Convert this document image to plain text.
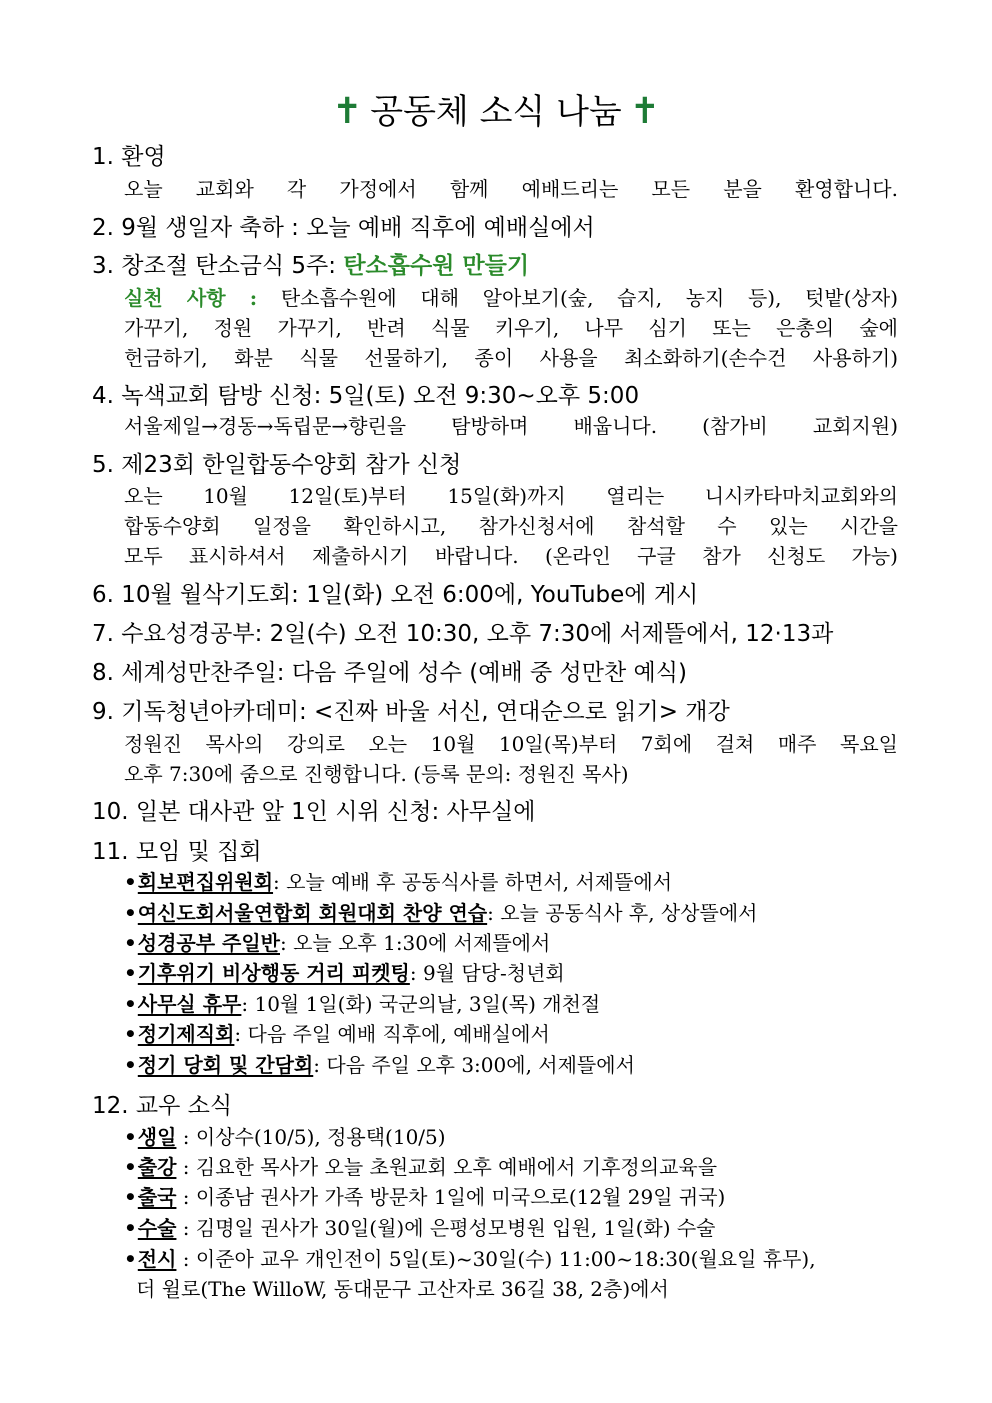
✝ 공동체 소식 나눔 ✝
1. 환영
오늘 교회와 각 가정에서 함께 예배드리는 모든 분을 환영합니다.
2. 9월 생일자 축하 : 오늘 예배 직후에 예배실에서
3. 창조절 탄소금식 5주: 탄소흡수원 만들기
실천 사항 : 탄소흡수원에 대해 알아보기(숲, 습지, 농지 등), 텃밭(상자)
가꾸기, 정원 가꾸기, 반려 식물 키우기, 나무 심기 또는 은총의 숲에
헌금하기, 화분 식물 선물하기, 종이 사용을 최소화하기(손수건 사용하기)
4. 녹색교회 탐방 신청: 5일(토) 오전 9:30~오후 5:00
서울제일→경동→독립문→향린을 탐방하며 배웁니다. (참가비 교회지원)
5. 제23회 한일합동수양회 참가 신청
오는 10월 12일(토)부터 15일(화)까지 열리는 니시카타마치교회와의
합동수양회 일정을 확인하시고, 참가신청서에 참석할 수 있는 시간을
모두 표시하셔서 제출하시기 바랍니다. (온라인 구글 참가 신청도 가능)
6. 10월 월삭기도회: 1일(화) 오전 6:00에, YouTube에 게시
7. 수요성경공부: 2일(수) 오전 10:30, 오후 7:30에 서제뜰에서, 12·13과
8. 세계성만찬주일: 다음 주일에 성수 (예배 중 성만찬 예식)
9. 기독청년아카데미: <진짜 바울 서신, 연대순으로 읽기> 개강
정원진 목사의 강의로 오는 10월 10일(목)부터 7회에 걸쳐 매주 목요일
오후 7:30에 줌으로 진행합니다. (등록 문의: 정원진 목사)
10. 일본 대사관 앞 1인 시위 신청: 사무실에
11. 모임 및 집회
•회보편집위원회: 오늘 예배 후 공동식사를 하면서, 서제뜰에서
•여신도회서울연합회 회원대회 찬양 연습: 오늘 공동식사 후, 상상뜰에서
•성경공부 주일반: 오늘 오후 1:30에 서제뜰에서
•기후위기 비상행동 거리 피켓팅: 9월 담당-청년회
•사무실 휴무: 10월 1일(화) 국군의날, 3일(목) 개천절
•정기제직회: 다음 주일 예배 직후에, 예배실에서
•정기 당회 및 간담회: 다음 주일 오후 3:00에, 서제뜰에서
12. 교우 소식
•생일 : 이상수(10/5), 정용택(10/5)
•출강 : 김요한 목사가 오늘 초원교회 오후 예배에서 기후정의교육을
•출국 : 이종남 권사가 가족 방문차 1일에 미국으로(12월 29일 귀국)
•수술 : 김명일 권사가 30일(월)에 은평성모병원 입원, 1일(화) 수술
•전시 : 이준아 교우 개인전이 5일(토)~30일(수) 11:00~18:30(월요일 휴무),
더 윌로(The WilloW, 동대문구 고산자로 36길 38, 2층)에서
